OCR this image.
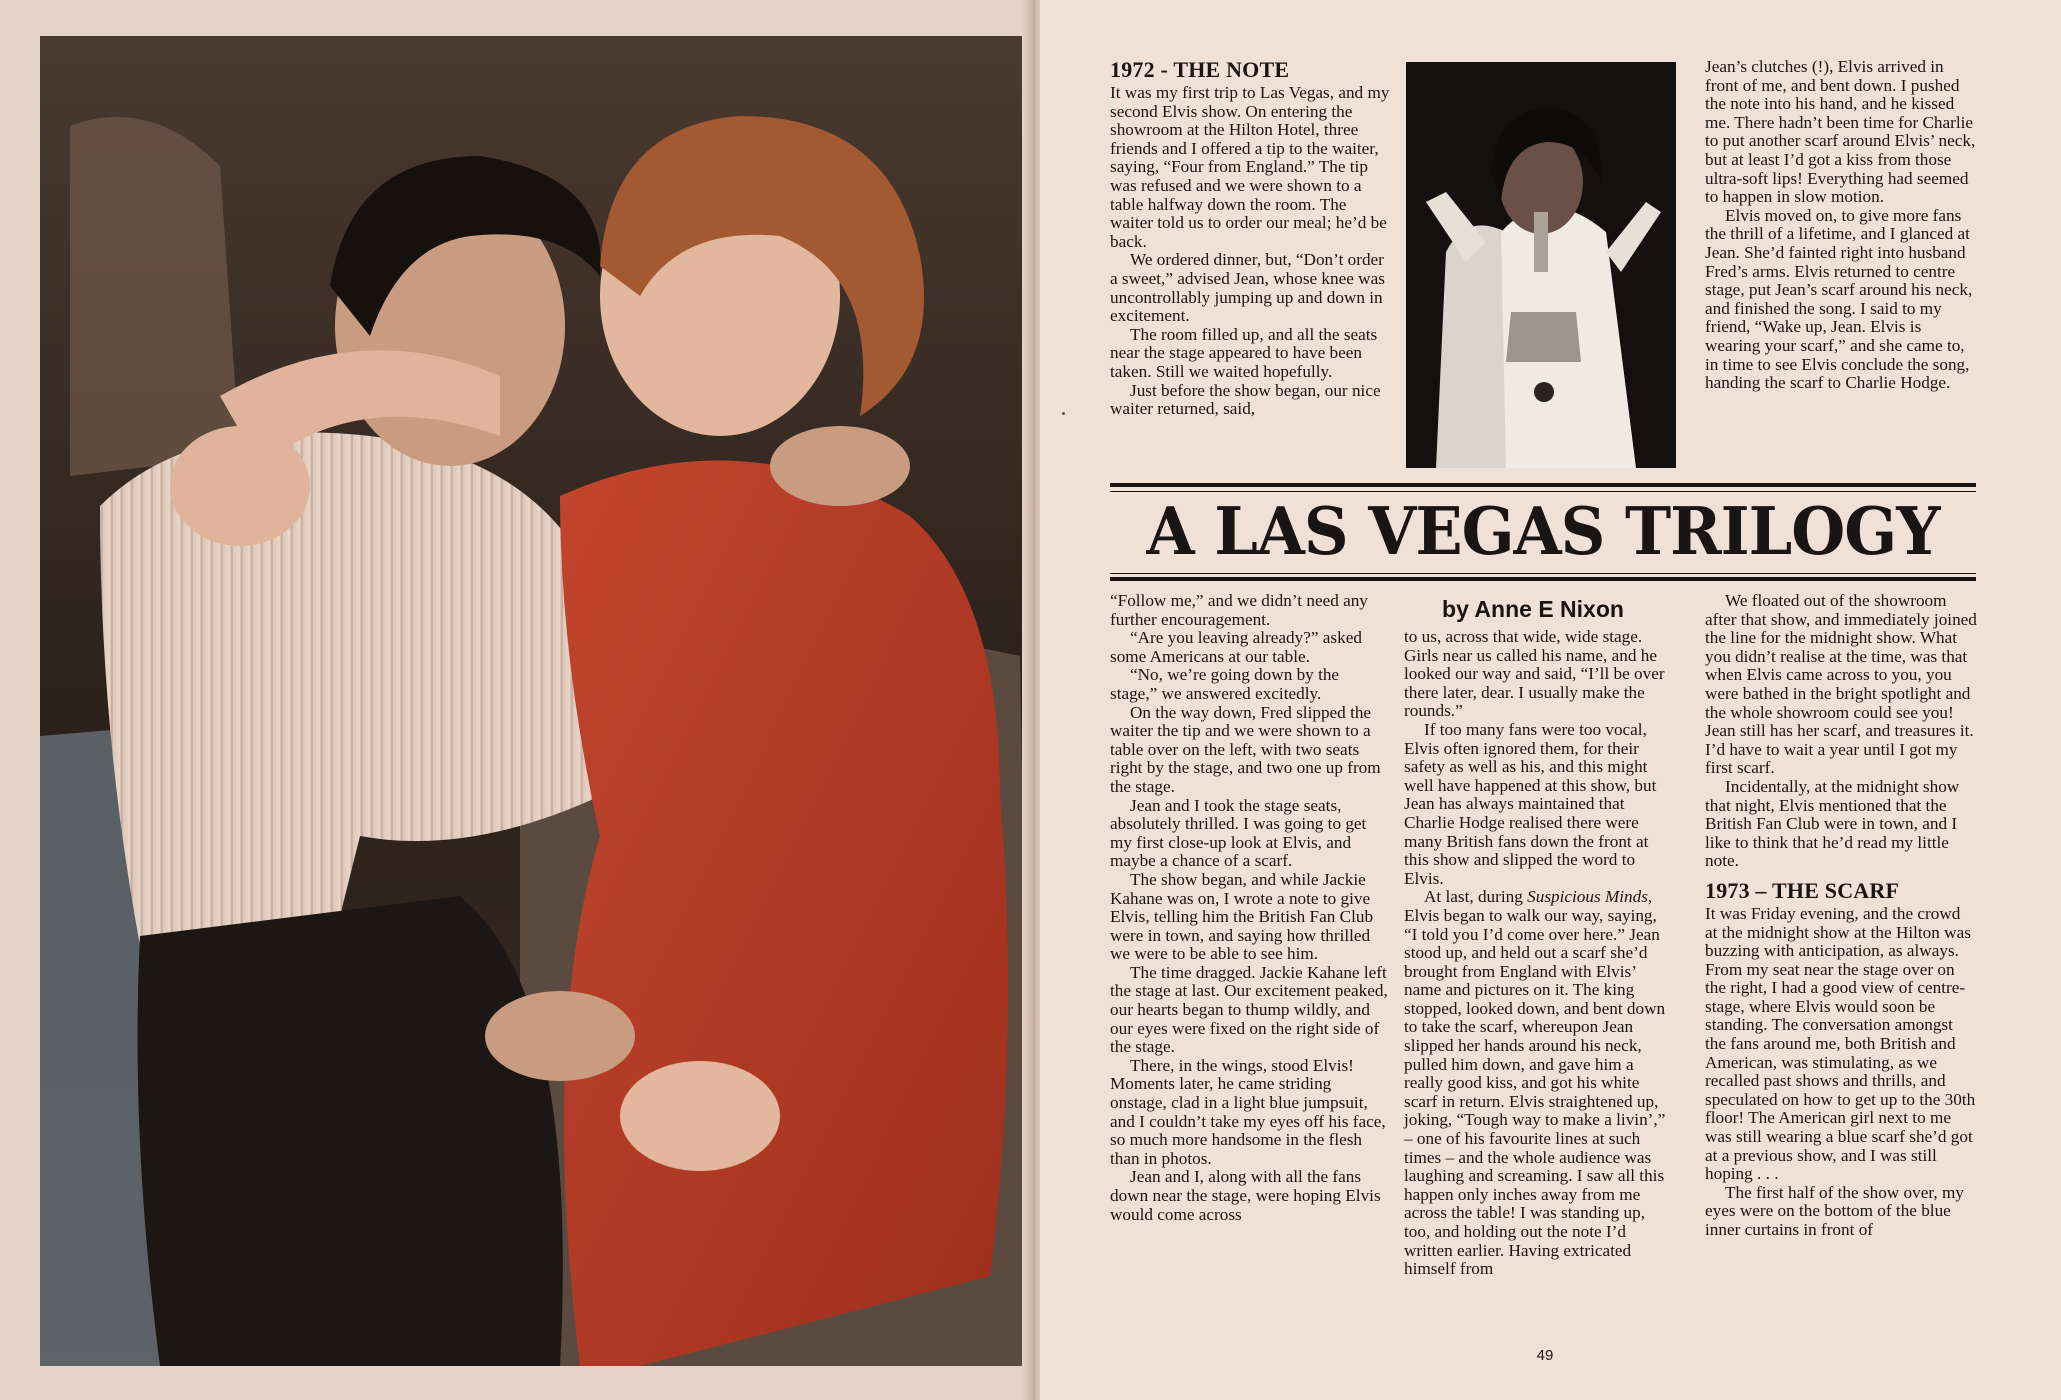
1972 - THE NOTE

It was my first trip to Las Vegas, and my second Elvis show. On entering the showroom at the Hilton Hotel, three friends and I offered a tip to the waiter, saying, “Four from England.” The tip was refused and we were shown to a table halfway down the room. The waiter told us to order our meal; he’d be back.

We ordered dinner, but, “Don’t order a sweet,” advised Jean, whose knee was uncontrollably jumping up and down in excitement.

The room filled up, and all the seats near the stage appeared to have been taken. Still we waited hopefully.

Just before the show began, our nice waiter returned, said,

Jean’s clutches (!), Elvis arrived in front of me, and bent down. I pushed the note into his hand, and he kissed me. There hadn’t been time for Charlie to put another scarf around Elvis’ neck, but at least I’d got a kiss from those ultra-soft lips! Everything had seemed to happen in slow motion.

Elvis moved on, to give more fans the thrill of a lifetime, and I glanced at Jean. She’d fainted right into husband Fred’s arms. Elvis returned to centre stage, put Jean’s scarf around his neck, and finished the song. I said to my friend, “Wake up, Jean. Elvis is wearing your scarf,” and she came to, in time to see Elvis conclude the song, handing the scarf to Charlie Hodge.

A LAS VEGAS TRILOGY

“Follow me,” and we didn’t need any further encouragement.

“Are you leaving already?” asked some Americans at our table.

“No, we’re going down by the stage,” we answered excitedly.

On the way down, Fred slipped the waiter the tip and we were shown to a table over on the left, with two seats right by the stage, and two one up from the stage.

Jean and I took the stage seats, absolutely thrilled. I was going to get my first close-up look at Elvis, and maybe a chance of a scarf.

The show began, and while Jackie Kahane was on, I wrote a note to give Elvis, telling him the British Fan Club were in town, and saying how thrilled we were to be able to see him.

The time dragged. Jackie Kahane left the stage at last. Our excitement peaked, our hearts began to thump wildly, and our eyes were fixed on the right side of the stage.

There, in the wings, stood Elvis! Moments later, he came striding onstage, clad in a light blue jumpsuit, and I couldn’t take my eyes off his face, so much more handsome in the flesh than in photos.

Jean and I, along with all the fans down near the stage, were hoping Elvis would come across

by Anne E Nixon

to us, across that wide, wide stage. Girls near us called his name, and he looked our way and said, “I’ll be over there later, dear. I usually make the rounds.”

If too many fans were too vocal, Elvis often ignored them, for their safety as well as his, and this might well have happened at this show, but Jean has always maintained that Charlie Hodge realised there were many British fans down the front at this show and slipped the word to Elvis.

At last, during Suspicious Minds, Elvis began to walk our way, saying, “I told you I’d come over here.” Jean stood up, and held out a scarf she’d brought from England with Elvis’ name and pictures on it. The king stopped, looked down, and bent down to take the scarf, whereupon Jean slipped her hands around his neck, pulled him down, and gave him a really good kiss, and got his white scarf in return. Elvis straightened up, joking, “Tough way to make a livin’,” – one of his favourite lines at such times – and the whole audience was laughing and screaming. I saw all this happen only inches away from me across the table! I was standing up, too, and holding out the note I’d written earlier. Having extricated himself from

We floated out of the showroom after that show, and immediately joined the line for the midnight show. What you didn’t realise at the time, was that when Elvis came across to you, you were bathed in the bright spotlight and the whole showroom could see you! Jean still has her scarf, and treasures it. I’d have to wait a year until I got my first scarf.

Incidentally, at the midnight show that night, Elvis mentioned that the British Fan Club were in town, and I like to think that he’d read my little note.

1973 – THE SCARF

It was Friday evening, and the crowd at the midnight show at the Hilton was buzzing with anticipation, as always. From my seat near the stage over on the right, I had a good view of centre-stage, where Elvis would soon be standing. The conversation amongst the fans around me, both British and American, was stimulating, as we recalled past shows and thrills, and speculated on how to get up to the 30th floor! The American girl next to me was still wearing a blue scarf she’d got at a previous show, and I was still hoping . . .

The first half of the show over, my eyes were on the bottom of the blue inner curtains in front of

49
